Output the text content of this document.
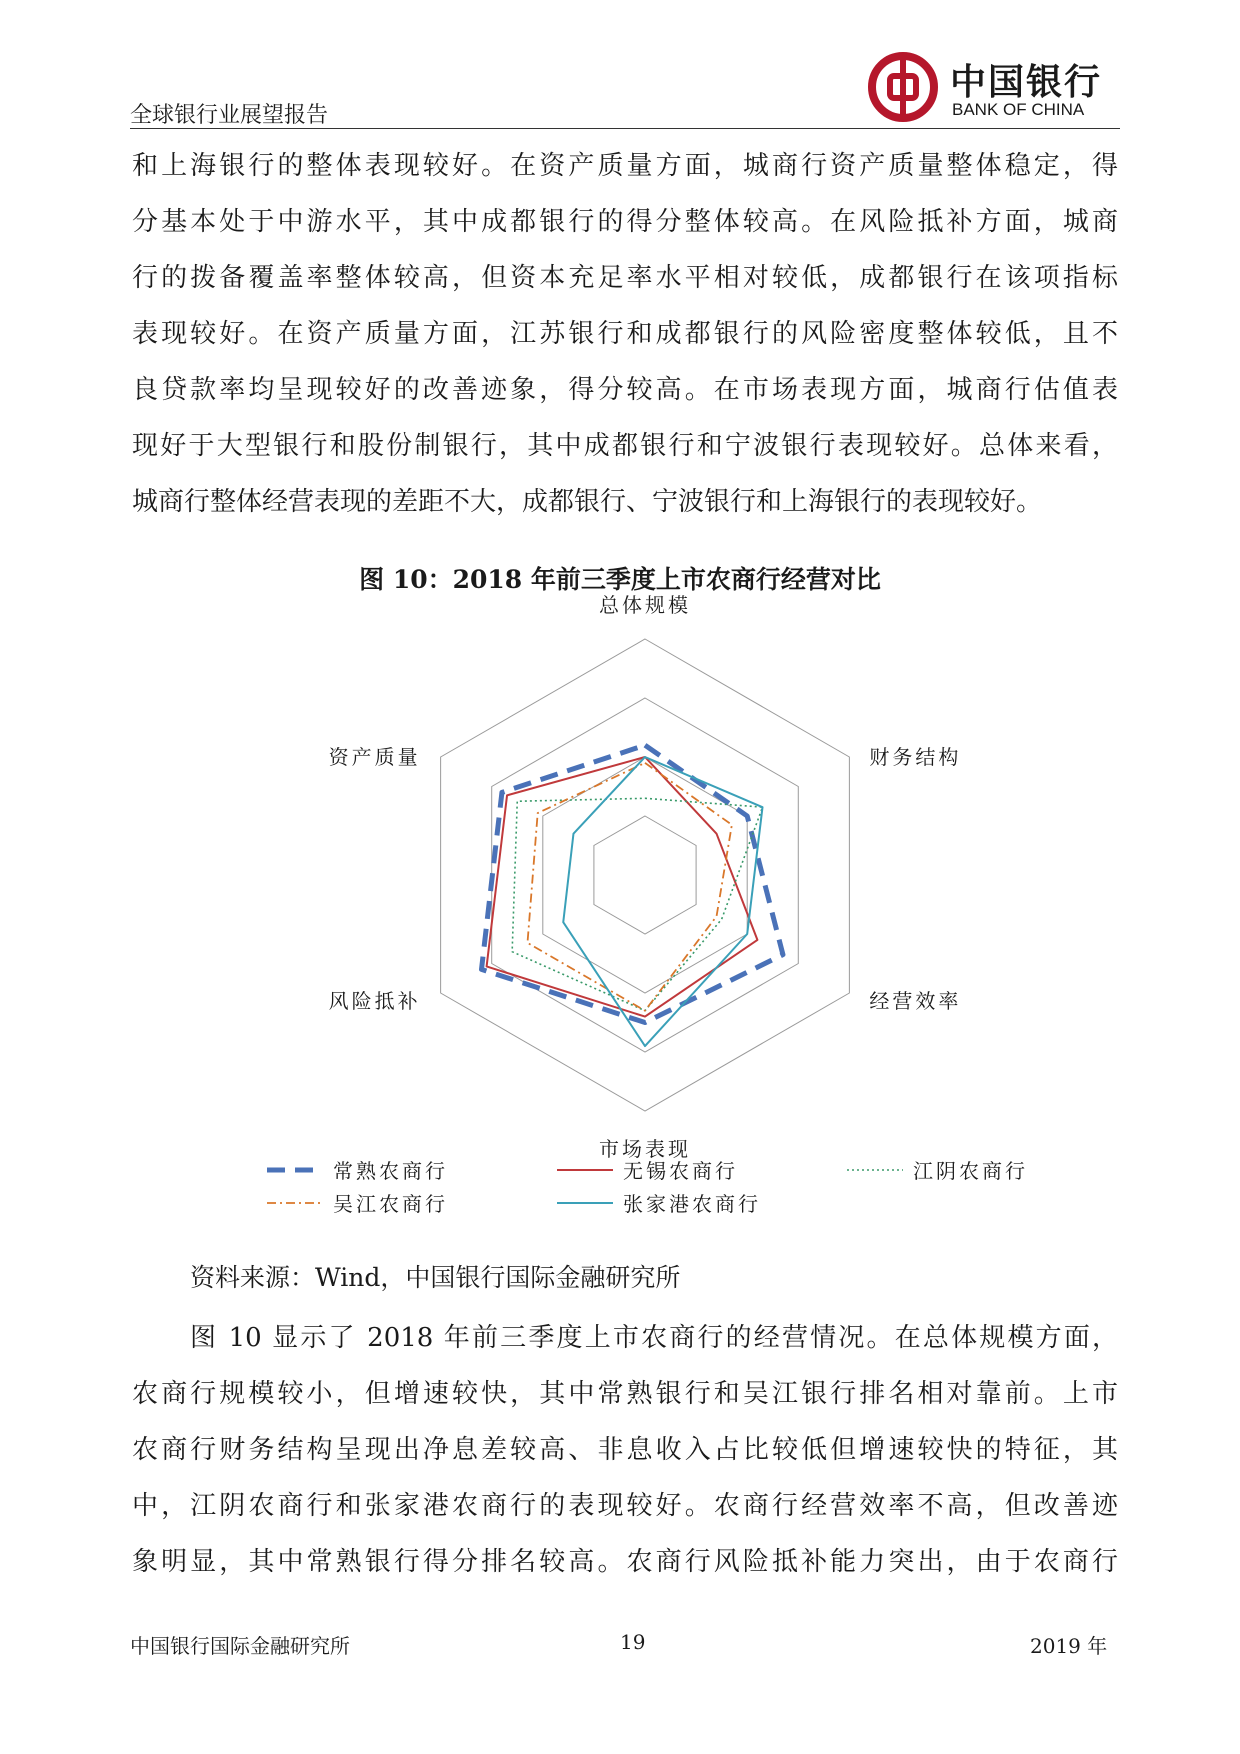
全球银行业展望报告
中国银行
BANK OF CHINA
和上海银行的整体表现较好。在资产质量方面，城商行资产质量整体稳定，得
分基本处于中游水平，其中成都银行的得分整体较高。在风险抵补方面，城商
行的拨备覆盖率整体较高，但资本充足率水平相对较低，成都银行在该项指标
表现较好。在资产质量方面，江苏银行和成都银行的风险密度整体较低，且不
良贷款率均呈现较好的改善迹象，得分较高。在市场表现方面，城商行估值表
现好于大型银行和股份制银行，其中成都银行和宁波银行表现较好。总体来看，
城商行整体经营表现的差距不大，成都银行、宁波银行和上海银行的表现较好。
图 10：2018 年前三季度上市农商行经营对比
总体规模
财务结构
经营效率
市场表现
风险抵补
资产质量
常熟农商行	无锡农商行	江阴农商行
吴江农商行	张家港农商行
资料来源：Wind，中国银行国际金融研究所
图 10 显示了 2018 年前三季度上市农商行的经营情况。在总体规模方面，
农商行规模较小，但增速较快，其中常熟银行和吴江银行排名相对靠前。上市
农商行财务结构呈现出净息差较高、非息收入占比较低但增速较快的特征，其
中，江阴农商行和张家港农商行的表现较好。农商行经营效率不高，但改善迹
象明显，其中常熟银行得分排名较高。农商行风险抵补能力突出，由于农商行
中国银行国际金融研究所	19	2019 年
